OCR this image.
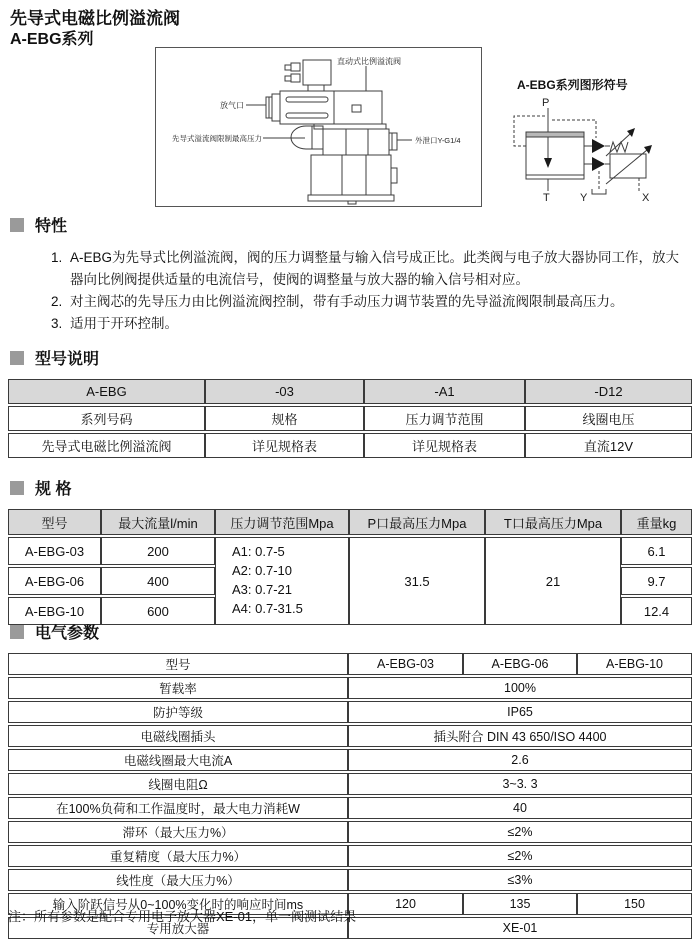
先导式电磁比例溢流阀
A-EBG系列
放气口
先导式溢流阀限制最高压力
直动式比例溢流阀
外泄口Y-G1/4
A-EBG系列图形符号
P
T	Y	X
特性
1. A-EBG为先导式比例溢流阀，阀的压力调整量与输入信号成正比。此类阀与电子放大器协同工作，放大器向比例阀提供适量的电流信号，使阀的调整量与放大器的输入信号相对应。
2. 对主阀芯的先导压力由比例溢流阀控制，带有手动压力调节装置的先导溢流阀限制最高压力。
3. 适用于开环控制。
型号说明
A-EBG	-03	-A1	-D12
系列号码	规格	压力调节范围	线圈电压
先导式电磁比例溢流阀	详见规格表	详见规格表	直流12V
规 格
型号	最大流量l/min	压力调节范围Mpa	P口最高压力Mpa	T口最高压力Mpa	重量kg
A-EBG-03	200	A1: 0.7-5
A2: 0.7-10
A3: 0.7-21
A4: 0.7-31.5	31.5	21	6.1
A-EBG-06	400				9.7
A-EBG-10	600				12.4
电气参数
型号	A-EBG-03	A-EBG-06	A-EBG-10
暂载率	100%		
防护等级	IP65		
电磁线圈插头	插头附合 DIN 43 650/ISO 4400		
电磁线圈最大电流A	2.6		
线圈电阻Ω	3~3. 3		
在100%负荷和工作温度时，最大电力消耗W	40		
滞环（最大压力%）	≤2%		
重复精度（最大压力%）	≤2%		
线性度（最大压力%）	≤3%		
输入阶跃信号从0~100%变化时的响应时间ms	120	135	150
专用放大器	XE-01		
注：所有参数是配合专用电子放大器XE-01，单一阀测试结果
